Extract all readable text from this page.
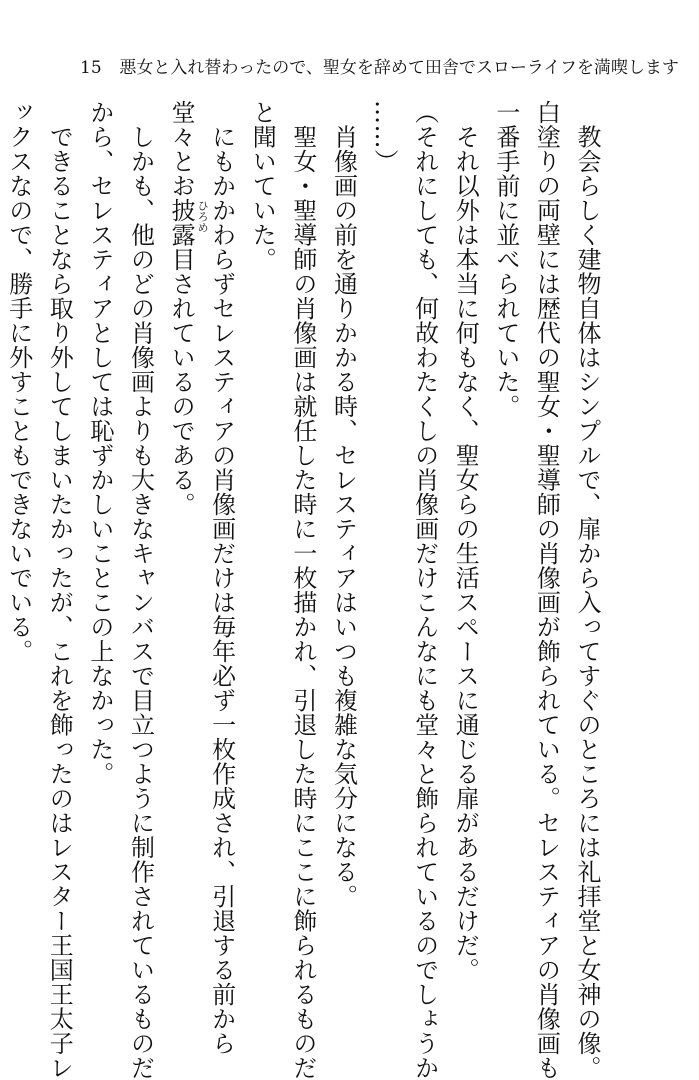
15 悪女と入れ替わったので、聖女を辞めて田舎でスローライフを満喫します
　教会らしく建物自体はシンプルで、扉から入ってすぐのところには礼拝堂と女神の像。
白塗りの両壁には歴代の聖女・聖導師の肖像画が飾られている。セレスティアの肖像画も
一番手前に並べられていた。
　それ以外は本当に何もなく、聖女らの生活スペースに通じる扉があるだけだ。
（それにしても、何故わたくしの肖像画だけこんなにも堂々と飾られているのでしょうか
……）
　肖像画の前を通りかかる時、セレスティアはいつも複雑な気分になる。
　聖女・聖導師の肖像画は就任した時に一枚描かれ、引退した時にここに飾られるものだ
と聞いていた。
　にもかかわらずセレスティアの肖像画だけは毎年必ず一枚作成され、引退する前から
堂々とお披露目 ひろめ
されているのである。
　しかも、他のどの肖像画よりも大きなキャンバスで目立つように制作されているものだ
から、セレスティアとしては恥ずかしいことこの上なかった。
　できることなら取り外してしまいたかったが、これを飾ったのはレスター王国王太子レ
ックスなので、勝手に外すこともできないでいる。
